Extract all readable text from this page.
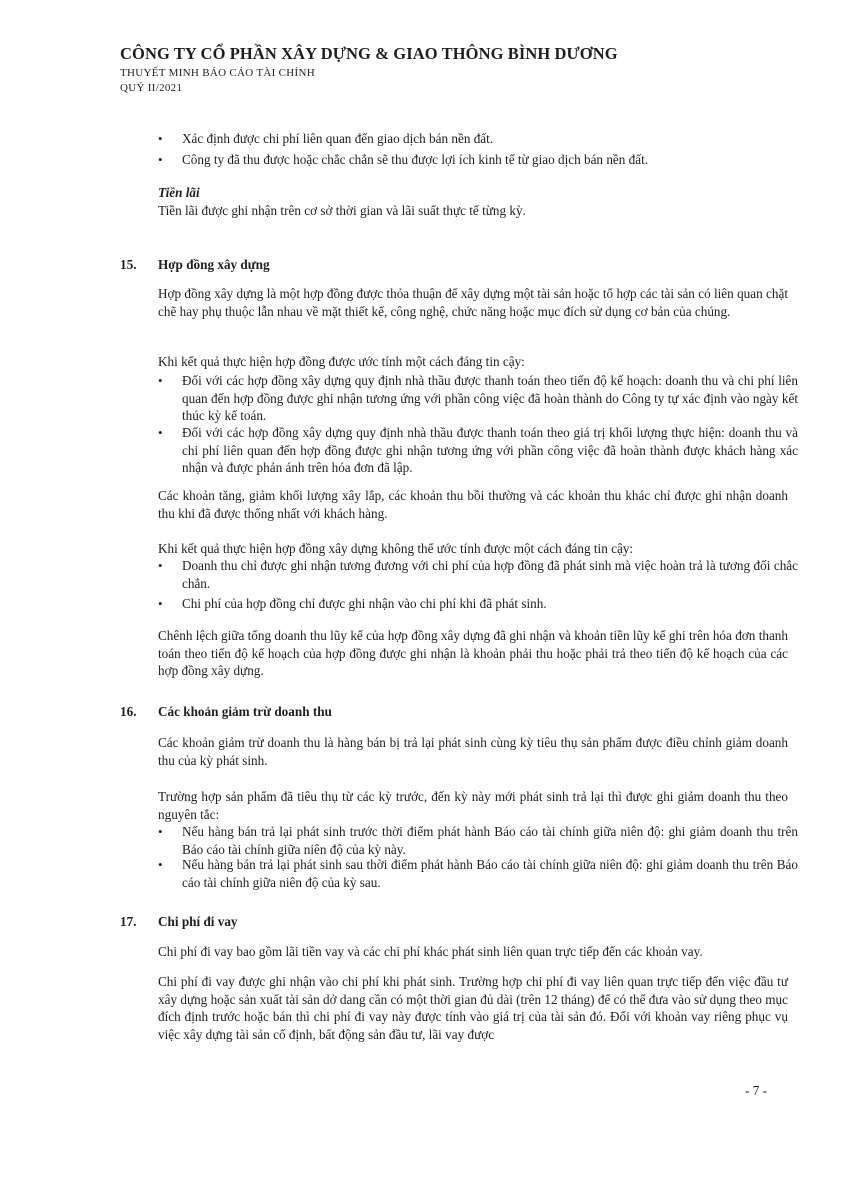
CÔNG TY CỔ PHẦN XÂY DỰNG & GIAO THÔNG BÌNH DƯƠNG
THUYẾT MINH BÁO CÁO TÀI CHÍNH
QUÝ II/2021
• Xác định được chi phí liên quan đến giao dịch bán nền đất.
• Công ty đã thu được hoặc chắc chắn sẽ thu được lợi ích kinh tế từ giao dịch bán nền đất.
Tiền lãi

Tiền lãi được ghi nhận trên cơ sở thời gian và lãi suất thực tế từng kỳ.

15. Hợp đồng xây dựng

Hợp đồng xây dựng là một hợp đồng được thỏa thuận để xây dựng một tài sản hoặc tổ hợp các tài sản có liên quan chặt chẽ hay phụ thuộc lẫn nhau về mặt thiết kế, công nghệ, chức năng hoặc mục đích sử dụng cơ bản của chúng.

Khi kết quả thực hiện hợp đồng được ước tính một cách đáng tin cậy:

• Đối với các hợp đồng xây dựng quy định nhà thầu được thanh toán theo tiến độ kế hoạch: doanh thu và chi phí liên quan đến hợp đồng được ghi nhận tương ứng với phần công việc đã hoàn thành do Công ty tự xác định vào ngày kết thúc kỳ kế toán.
• Đối với các hợp đồng xây dựng quy định nhà thầu được thanh toán theo giá trị khối lượng thực hiện: doanh thu và chi phí liên quan đến hợp đồng được ghi nhận tương ứng với phần công việc đã hoàn thành được khách hàng xác nhận và được phản ánh trên hóa đơn đã lập.

Các khoản tăng, giảm khối lượng xây lắp, các khoản thu bồi thường và các khoản thu khác chỉ được ghi nhận doanh thu khi đã được thống nhất với khách hàng.

Khi kết quả thực hiện hợp đồng xây dựng không thể ước tính được một cách đáng tin cậy:

• Doanh thu chỉ được ghi nhận tương đương với chi phí của hợp đồng đã phát sinh mà việc hoàn trả là tương đối chắc chắn.
• Chi phí của hợp đồng chỉ được ghi nhận vào chi phí khi đã phát sinh.

Chênh lệch giữa tổng doanh thu lũy kế của hợp đồng xây dựng đã ghi nhận và khoản tiền lũy kế ghi trên hóa đơn thanh toán theo tiến độ kế hoạch của hợp đồng được ghi nhận là khoản phải thu hoặc phải trả theo tiến độ kế hoạch của các hợp đồng xây dựng.

16. Các khoản giảm trừ doanh thu

Các khoản giảm trừ doanh thu là hàng bán bị trả lại phát sinh cùng kỳ tiêu thụ sản phẩm được điều chỉnh giảm doanh thu của kỳ phát sinh.

Trường hợp sản phẩm đã tiêu thụ từ các kỳ trước, đến kỳ này mới phát sinh trả lại thì được ghi giảm doanh thu theo nguyên tắc:

• Nếu hàng bán trả lại phát sinh trước thời điểm phát hành Báo cáo tài chính giữa niên độ: ghi giảm doanh thu trên Báo cáo tài chính giữa niên độ của kỳ này.
• Nếu hàng bán trả lại phát sinh sau thời điểm phát hành Báo cáo tài chính giữa niên độ: ghi giảm doanh thu trên Báo cáo tài chính giữa niên độ của kỳ sau.
17. Chi phí đi vay

Chi phí đi vay bao gồm lãi tiền vay và các chi phí khác phát sinh liên quan trực tiếp đến các khoản vay.

Chi phí đi vay được ghi nhận vào chi phí khi phát sinh. Trường hợp chi phí đi vay liên quan trực tiếp đến việc đầu tư xây dựng hoặc sản xuất tài sản dở dang cần có một thời gian đủ dài (trên 12 tháng) để có thể đưa vào sử dụng theo mục đích định trước hoặc bán thì chi phí đi vay này được tính vào giá trị của tài sản đó. Đối với khoản vay riêng phục vụ việc xây dựng tài sản cố định, bất động sản đầu tư, lãi vay được

- 7 -
